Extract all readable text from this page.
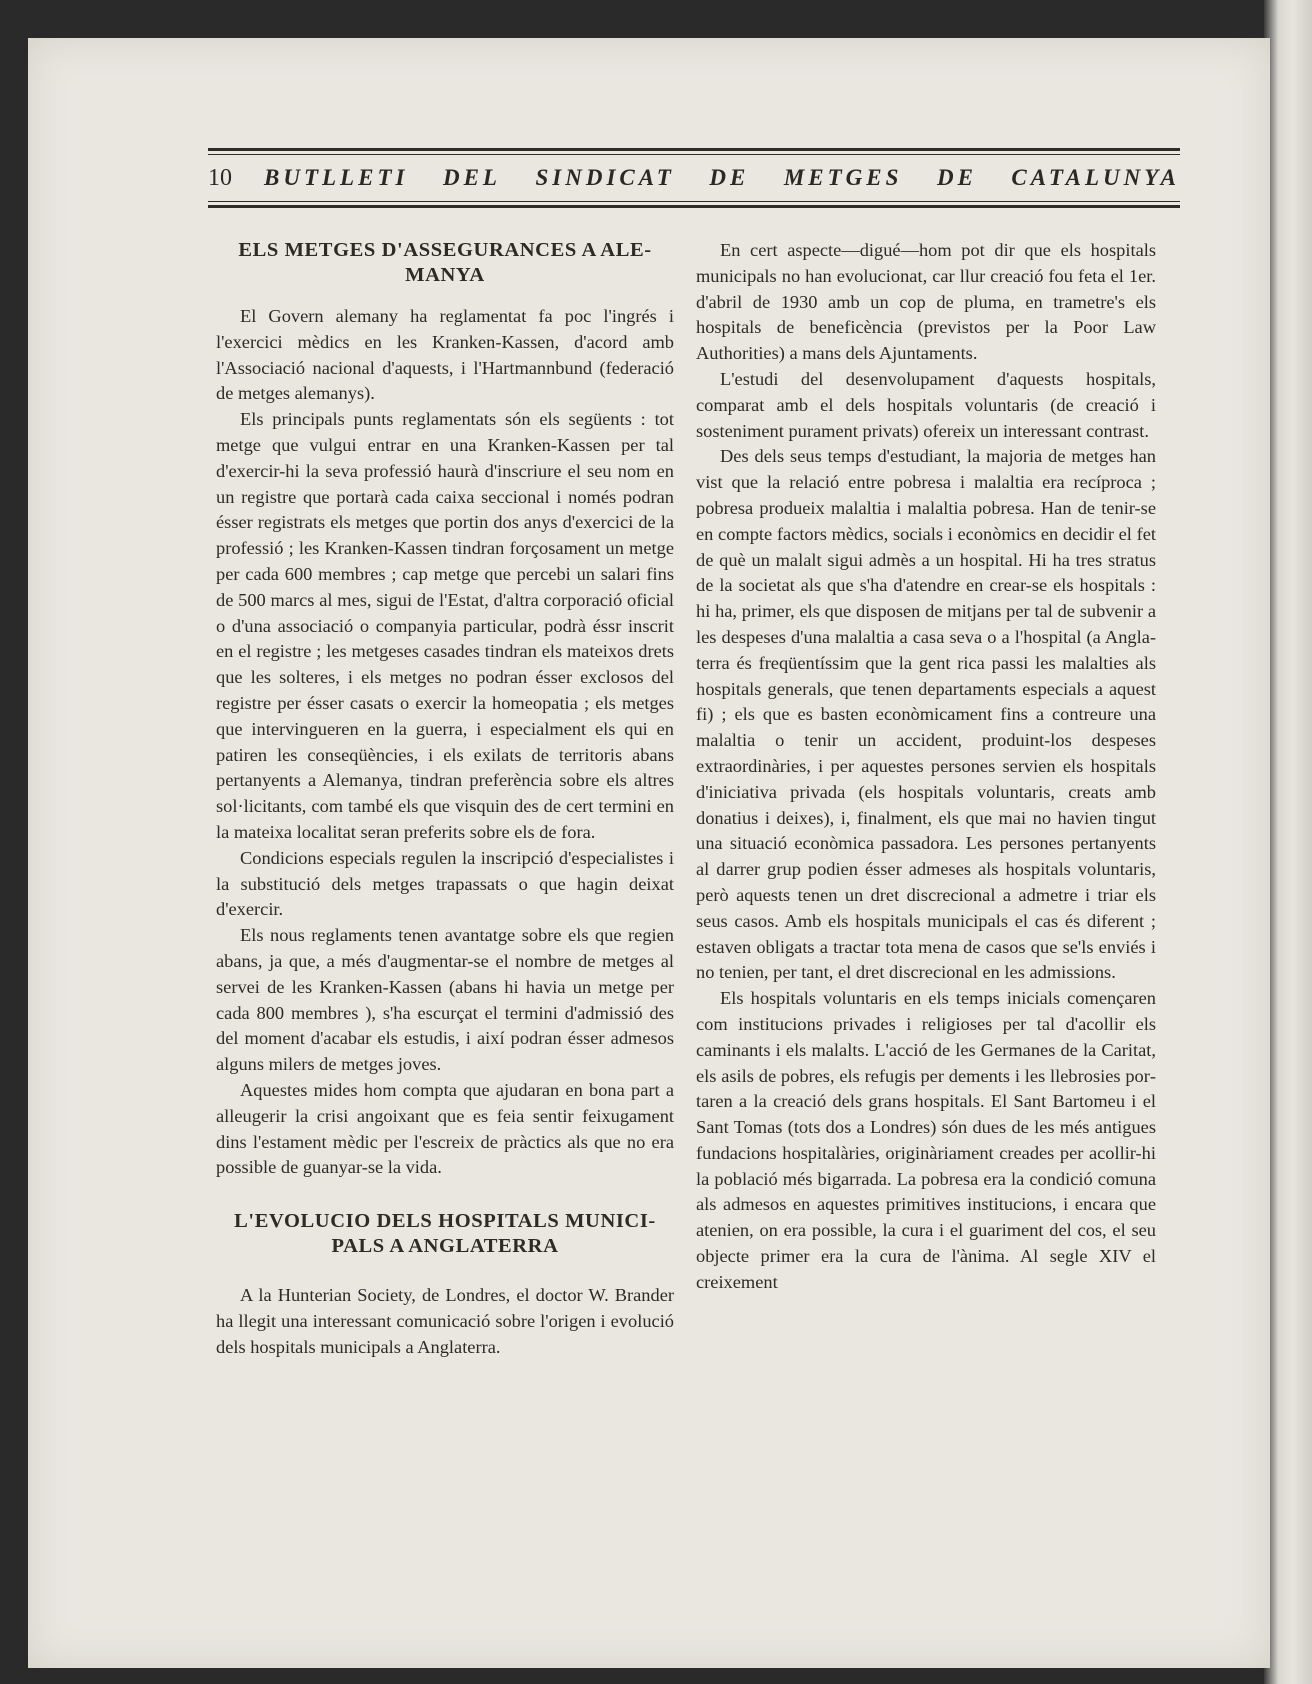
10	BUTLLETI DEL SINDICAT DE METGES DE CATALUNYA
ELS METGES D'ASSEGURANCES A ALE- MANYA

El Govern alemany ha reglamentat fa poc l'ingrés i l'exercici mèdics en les Kranken-Kassen, d'acord amb l'Associació nacional d'aquests, i l'Hartmannbund (federació de metges alemanys).

Els principals punts reglamentats són els següents : tot metge que vulgui entrar en una Kranken-Kassen per tal d'exercir-hi la seva professió haurà d'inscriure el seu nom en un registre que portarà cada caixa seccional i només podran ésser registrats els metges que portin dos anys d'exercici de la professió ; les Kranken-Kassen tindran forçosament un metge per cada 600 membres ; cap metge que percebi un salari fins de 500 marcs al mes, sigui de l'Estat, d'altra corporació oficial o d'una associació o companyia particular, podrà éssr inscrit en el registre ; les metgeses casades tindran els mateixos drets que les solteres, i els metges no podran ésser exclosos del registre per ésser casats o exercir la homeopatia ; els metges que intervingueren en la guerra, i especialment els qui en patiren les conseqüències, i els exilats de territoris abans pertanyents a Alemanya, tindran preferència sobre els altres sol·licitants, com també els que visquin des de cert termini en la mateixa localitat seran preferits sobre els de fora.

Condicions especials regulen la inscripció d'especialistes i la substitució dels metges trapassats o que hagin deixat d'exercir.

Els nous reglaments tenen avantatge sobre els que regien abans, ja que, a més d'augmentar-se el nombre de metges al servei de les Kranken-Kassen (abans hi havia un metge per cada 800 membres ), s'ha escurçat el termini d'admissió des del moment d'acabar els estudis, i així podran ésser admesos alguns milers de metges joves.

Aquestes mides hom compta que ajudaran en bona part a alleugerir la crisi angoixant que es feia sentir feixugament dins l'estament mèdic per l'escreix de pràctics als que no era possible de guanyar-se la vida.

L'EVOLUCIO DELS HOSPITALS MUNICI- PALS A ANGLATERRA

A la Hunterian Society, de Londres, el doctor W. Brander ha llegit una interessant comunicació sobre l'origen i evolució dels hospitals municipals a Anglaterra.

En cert aspecte—digué—hom pot dir que els hospitals municipals no han evolucionat, car llur creació fou feta el 1er. d'abril de 1930 amb un cop de pluma, en trametre's els hospitals de beneficència (previstos per la Poor Law Authorities) a mans dels Ajuntaments.

L'estudi del desenvolupament d'aquests hospitals, comparat amb el dels hospitals voluntaris (de creació i sosteniment purament privats) ofereix un interessant contrast.

Des dels seus temps d'estudiant, la majoria de metges han vist que la relació entre pobresa i malaltia era recíproca ; pobresa produeix malaltia i malaltia pobresa. Han de tenir-se en compte factors mèdics, socials i econòmics en decidir el fet de què un malalt sigui admès a un hospital. Hi ha tres stratus de la societat als que s'ha d'atendre en crear-se els hospitals : hi ha, primer, els que disposen de mitjans per tal de subvenir a les despeses d'una malaltia a casa seva o a l'hospital (a Anglaterra és freqüentíssim que la gent rica passi les malalties als hospitals generals, que tenen departaments especials a aquest fi) ; els que es basten econòmicament fins a contreure una malaltia o tenir un accident, produint-los despeses extraordinàries, i per aquestes persones servien els hospitals d'iniciativa privada (els hospitals voluntaris, creats amb donatius i deixes), i, finalment, els que mai no havien tingut una situació econòmica passadora. Les persones pertanyents al darrer grup podien ésser admeses als hospitals voluntaris, però aquests tenen un dret discrecional a admetre i triar els seus casos. Amb els hospitals municipals el cas és diferent ; estaven obligats a tractar tota mena de casos que se'ls enviés i no tenien, per tant, el dret discrecional en les admissions.

Els hospitals voluntaris en els temps inicials començaren com institucions privades i religioses per tal d'acollir els caminants i els malalts. L'acció de les Germanes de la Caritat, els asils de pobres, els refugis per dements i les llebrosies portaren a la creació dels grans hospitals. El Sant Bartomeu i el Sant Tomas (tots dos a Londres) són dues de les més antigues fundacions hospitalàries, originàriament creades per acollir-hi la població més bigarrada. La pobresa era la condició comuna als admesos en aquestes primitives institucions, i encara que atenien, on era possible, la cura i el guariment del cos, el seu objecte primer era la cura de l'ànima. Al segle XIV el creixement
